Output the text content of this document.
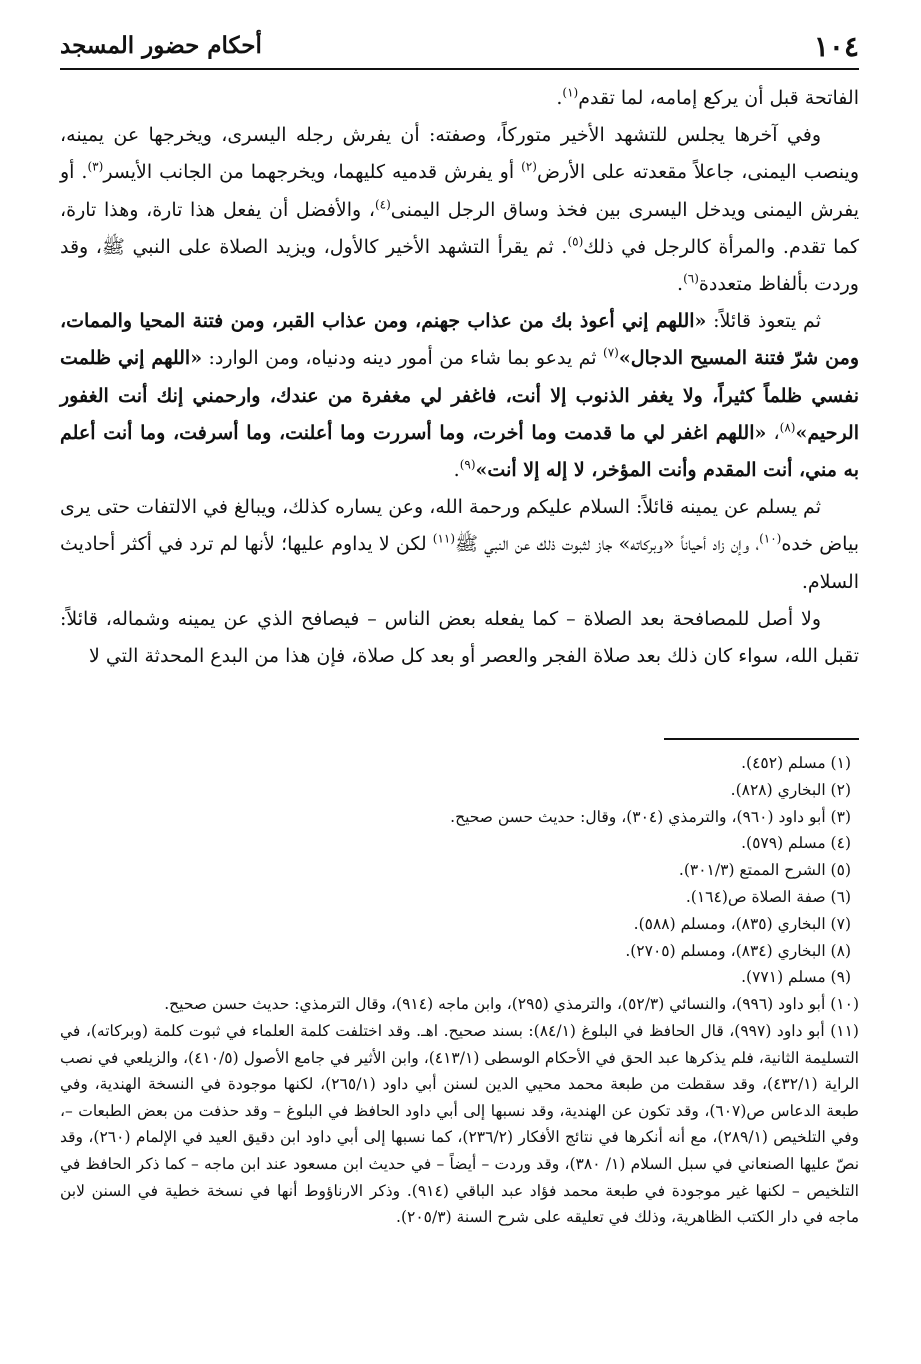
١٠٤
أحكام حضور المسجد

الفاتحة قبل أن يركع إمامه، لما تقدم$^{(١)}$.

وفي آخرها يجلس للتشهد الأخير متوركاً، وصفته: أن يفرش رجله اليسرى، ويخرجها عن يمينه، وينصب اليمنى، جاعلاً مقعدته على الأرض$^{(٢)}$ أو يفرش قدميه كليهما، ويخرجهما من الجانب الأيسر$^{(٣)}$. أو يفرش اليمنى ويدخل اليسرى بين فخذ وساق الرجل اليمنى$^{(٤)}$، والأفضل أن يفعل هذا تارة، وهذا تارة، كما تقدم. والمرأة كالرجل في ذلك$^{(٥)}$. ثم يقرأ التشهد الأخير كالأول، ويزيد الصلاة على النبي ﷺ، وقد وردت بألفاظ متعددة$^{(٦)}$.

ثم يتعوذ قائلاً: «اللهم إني أعوذ بك من عذاب جهنم، ومن عذاب القبر، ومن فتنة المحيا والممات، ومن شرّ فتنة المسيح الدجال»$^{(٧)}$ ثم يدعو بما شاء من أمور دينه ودنياه، ومن الوارد: «اللهم إني ظلمت نفسي ظلماً كثيراً، ولا يغفر الذنوب إلا أنت، فاغفر لي مغفرة من عندك، وارحمني إنك أنت الغفور الرحيم»$^{(٨)}$، «اللهم اغفر لي ما قدمت وما أخرت، وما أسررت وما أعلنت، وما أسرفت، وما أنت أعلم به مني، أنت المقدم وأنت المؤخر، لا إله إلا أنت»$^{(٩)}$.

ثم يسلم عن يمينه قائلاً: السلام عليكم ورحمة الله، وعن يساره كذلك، ويبالغ في الالتفات حتى يرى بياض خده$^{(١٠)}$، وإن زاد أحياناً «وبركاته» جاز لثبوت ذلك عن النبي ﷺ$^{(١١)}$ لكن لا يداوم عليها؛ لأنها لم ترد في أكثر أحاديث السلام.

ولا أصل للمصافحة بعد الصلاة – كما يفعله بعض الناس – فيصافح الذي عن يمينه وشماله، قائلاً: تقبل الله، سواء كان ذلك بعد صلاة الفجر والعصر أو بعد كل صلاة، فإن هذا من البدع المحدثة التي لا

(١) مسلم (٤٥٢).

(٢) البخاري (٨٢٨).

(٣) أبو داود (٩٦٠)، والترمذي (٣٠٤)، وقال: حديث حسن صحيح.

(٤) مسلم (٥٧٩).

(٥) الشرح الممتع (٣٠١/٣).

(٦) صفة الصلاة ص(١٦٤).

(٧) البخاري (٨٣٥)، ومسلم (٥٨٨).

(٨) البخاري (٨٣٤)، ومسلم (٢٧٠٥).

(٩) مسلم (٧٧١).

(١٠) أبو داود (٩٩٦)، والنسائي (٥٢/٣)، والترمذي (٢٩٥)، وابن ماجه (٩١٤)، وقال الترمذي: حديث حسن صحيح.

(١١) أبو داود (٩٩٧)، قال الحافظ في البلوغ (٨٤/١): بسند صحيح. اهـ. وقد اختلفت كلمة العلماء في ثبوت كلمة (وبركاته)، في التسليمة الثانية، فلم يذكرها عبد الحق في الأحكام الوسطى (٤١٣/١)، وابن الأثير في جامع الأصول (٤١٠/٥)، والزيلعي في نصب الراية (٤٣٢/١)، وقد سقطت من طبعة محمد محيي الدين لسنن أبي داود (٢٦٥/١)، لكنها موجودة في النسخة الهندية، وفي طبعة الدعاس ص(٦٠٧)، وقد تكون عن الهندية، وقد نسبها إلى أبي داود الحافظ في البلوغ – وقد حذفت من بعض الطبعات –، وفي التلخيص (٢٨٩/١)، مع أنه أنكرها في نتائج الأفكار (٢٣٦/٢)، كما نسبها إلى أبي داود ابن دقيق العيد في الإلمام (٢٦٠)، وقد نصّ عليها الصنعاني في سبل السلام (١/ ٣٨٠)، وقد وردت – أيضاً – في حديث ابن مسعود عند ابن ماجه – كما ذكر الحافظ في التلخيص – لكنها غير موجودة في طبعة محمد فؤاد عبد الباقي (٩١٤). وذكر الارناؤوط أنها في نسخة خطية في السنن لابن ماجه في دار الكتب الظاهرية، وذلك في تعليقه على شرح السنة (٢٠٥/٣).
